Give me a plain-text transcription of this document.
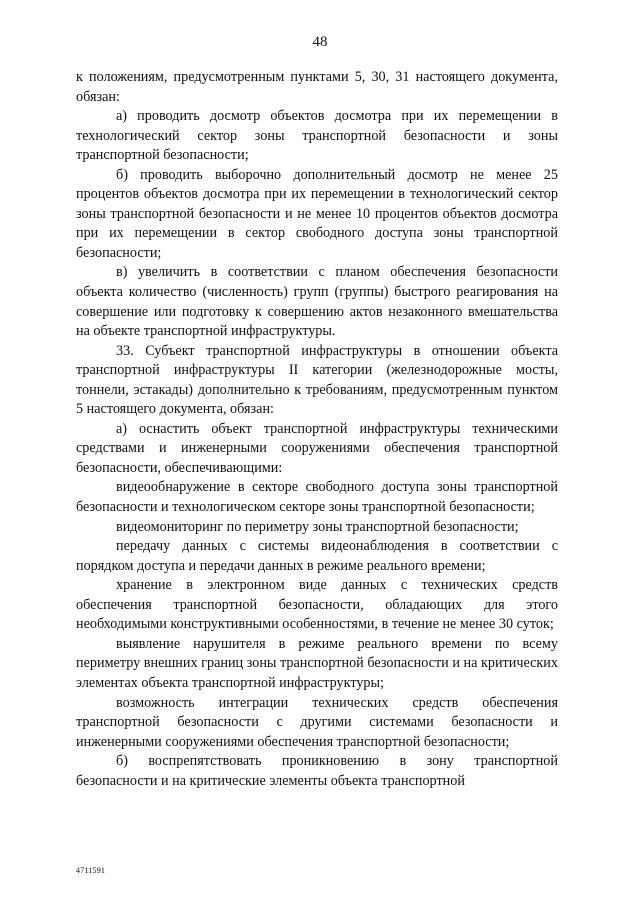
48

к положениям, предусмотренным пунктами 5, 30, 31 настоящего документа, обязан:

а) проводить досмотр объектов досмотра при их перемещении в технологический сектор зоны транспортной безопасности и зоны транспортной безопасности;

б) проводить выборочно дополнительный досмотр не менее 25 процентов объектов досмотра при их перемещении в технологический сектор зоны транспортной безопасности и не менее 10 процентов объектов досмотра при их перемещении в сектор свободного доступа зоны транспортной безопасности;

в) увеличить в соответствии с планом обеспечения безопасности объекта количество (численность) групп (группы) быстрого реагирования на совершение или подготовку к совершению актов незаконного вмешательства на объекте транспортной инфраструктуры.

33. Субъект транспортной инфраструктуры в отношении объекта транспортной инфраструктуры II категории (железнодорожные мосты, тоннели, эстакады) дополнительно к требованиям, предусмотренным пунктом 5 настоящего документа, обязан:

а) оснастить объект транспортной инфраструктуры техническими средствами и инженерными сооружениями обеспечения транспортной безопасности, обеспечивающими:

видеообнаружение в секторе свободного доступа зоны транспортной безопасности и технологическом секторе зоны транспортной безопасности;

видеомониторинг по периметру зоны транспортной безопасности;

передачу данных с системы видеонаблюдения в соответствии с порядком доступа и передачи данных в режиме реального времени;

хранение в электронном виде данных с технических средств обеспечения транспортной безопасности, обладающих для этого необходимыми конструктивными особенностями, в течение не менее 30 суток;

выявление нарушителя в режиме реального времени по всему периметру внешних границ зоны транспортной безопасности и на критических элементах объекта транспортной инфраструктуры;

возможность интеграции технических средств обеспечения транспортной безопасности с другими системами безопасности и инженерными сооружениями обеспечения транспортной безопасности;

б) воспрепятствовать проникновению в зону транспортной безопасности и на критические элементы объекта транспортной

4711591
